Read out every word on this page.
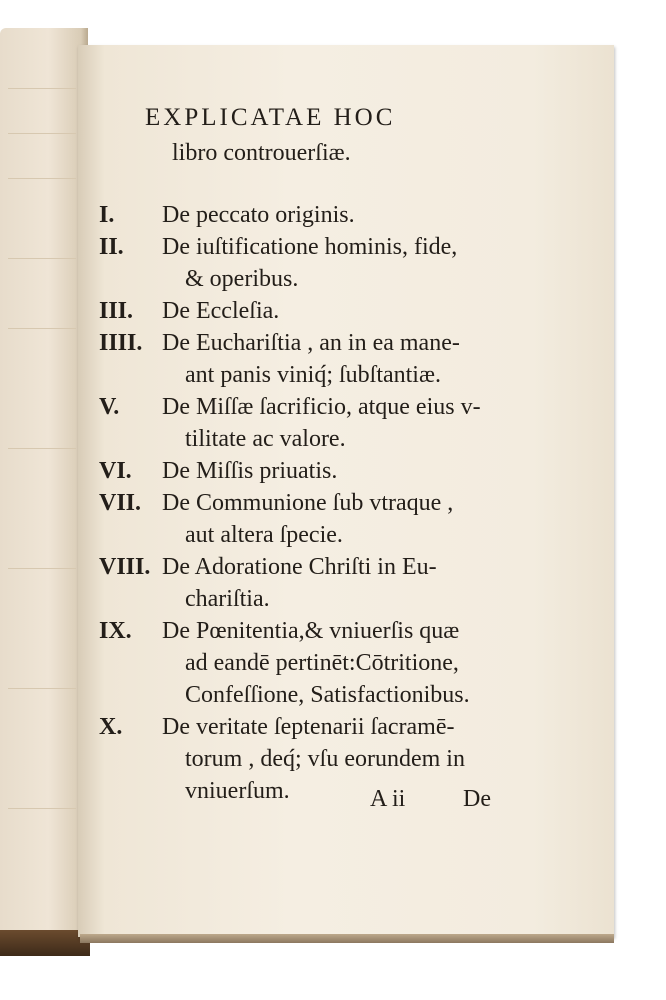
EXPLICATAE HOC
libro controuerſiæ.
I. De peccato originis.
II. De iuſtificatione hominis, fide,
& operibus.
III. De Eccleſia.
IIII. De Euchariſtia , an in ea mane-
ant panis viniq́; ſubſtantiæ.
V. De Miſſæ ſacrificio, atque eius v-
tilitate ac valore.
VI. De Miſſis priuatis.
VII. De Communione ſub vtraque ,
aut altera ſpecie.
VIII. De Adoratione Chriſti in Eu-
chariſtia.
IX. De Pœnitentia,& vniuerſis quæ
ad eandē pertinēt:Cōtritione,
Confeſſione, Satisfactionibus.
X. De veritate ſeptenarii ſacramē-
torum , deq́; vſu eorundem in
vniuerſum.	A ii De
